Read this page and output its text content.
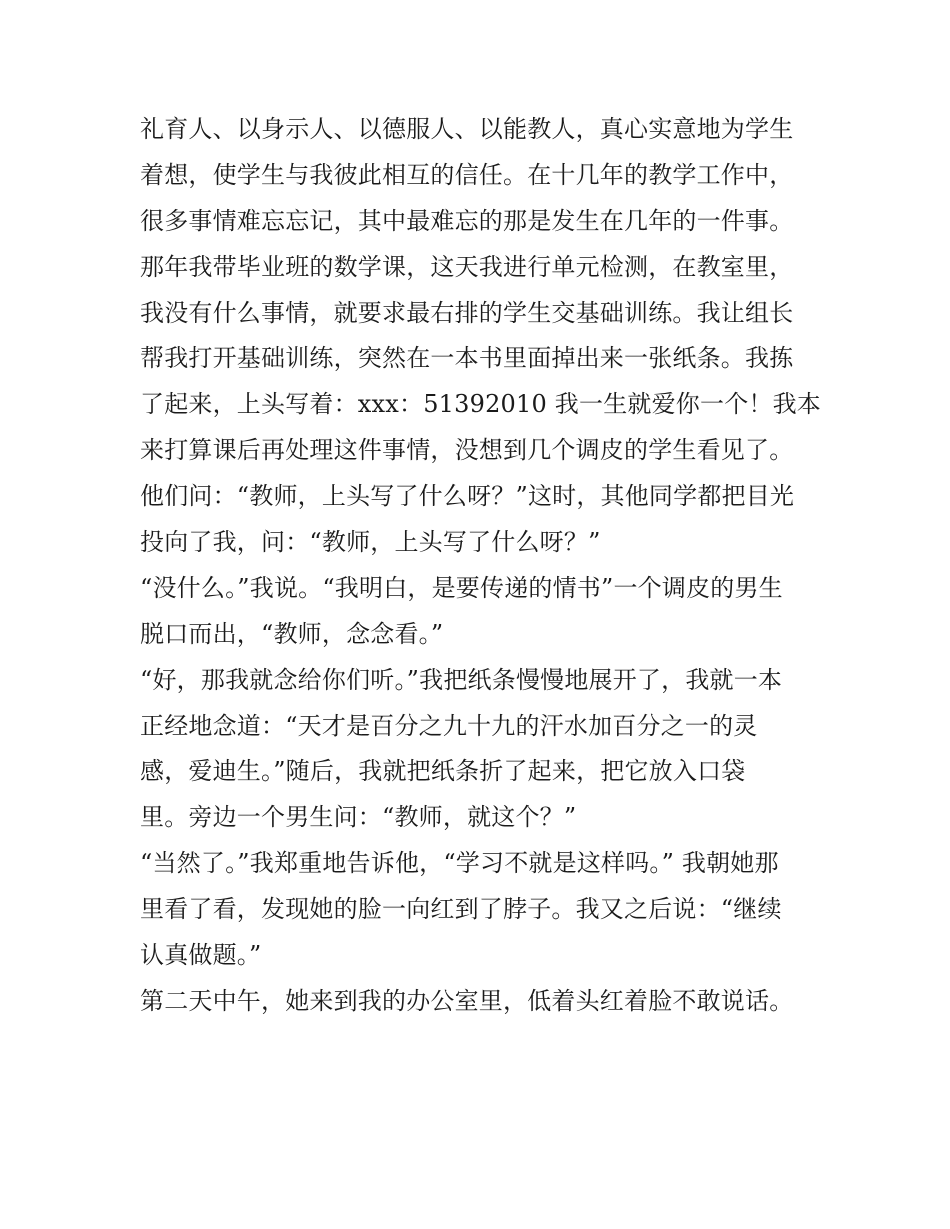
礼育人、以身示人、以德服人、以能教人，真心实意地为学生
着想，使学生与我彼此相互的信任。在十几年的教学工作中，
很多事情难忘忘记，其中最难忘的那是发生在几年的一件事。
那年我带毕业班的数学课，这天我进行单元检测，在教室里，
我没有什么事情，就要求最右排的学生交基础训练。我让组长
帮我打开基础训练，突然在一本书里面掉出来一张纸条。我拣
了起来，上头写着：xxx：51392010 我一生就爱你一个！我本
来打算课后再处理这件事情，没想到几个调皮的学生看见了。
他们问：“教师，上头写了什么呀？”这时，其他同学都把目光
投向了我，问：“教师，上头写了什么呀？”
“没什么。”我说。“我明白，是要传递的情书”一个调皮的男生
脱口而出，“教师，念念看。”
“好，那我就念给你们听。”我把纸条慢慢地展开了，我就一本
正经地念道：“天才是百分之九十九的汗水加百分之一的灵
感，爱迪生。”随后，我就把纸条折了起来，把它放入口袋
里。旁边一个男生问：“教师，就这个？”
“当然了。”我郑重地告诉他，“学习不就是这样吗。” 我朝她那
里看了看，发现她的脸一向红到了脖子。我又之后说：“继续
认真做题。”
第二天中午，她来到我的办公室里，低着头红着脸不敢说话。
